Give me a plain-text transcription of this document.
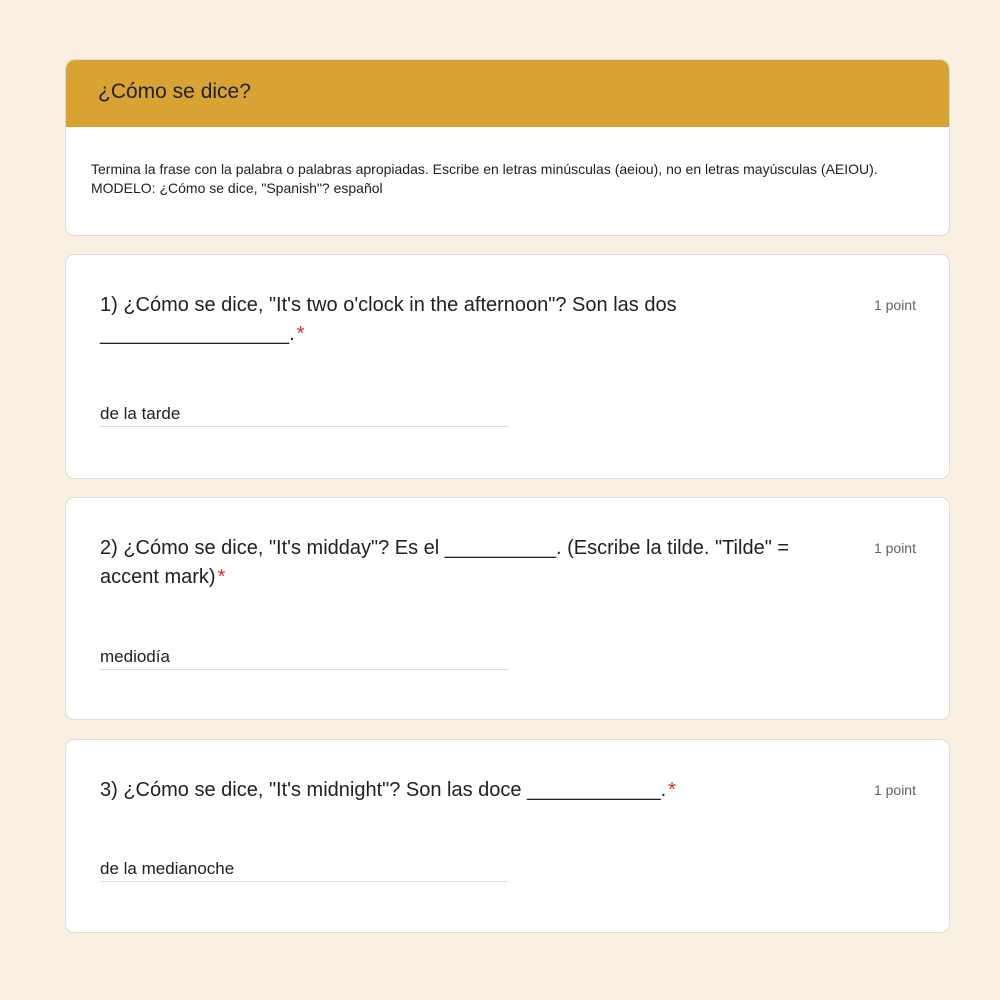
¿Cómo se dice?
Termina la frase con la palabra o palabras apropiadas. Escribe en letras minúsculas (aeiou), no en letras mayúsculas (AEIOU). MODELO: ¿Cómo se dice, "Spanish"? español
1) ¿Cómo se dice, "It's two o'clock in the afternoon"? Son las dos _________________. *
1 point
de la tarde
2) ¿Cómo se dice, "It's midday"? Es el __________. (Escribe la tilde. "Tilde" = accent mark) *
1 point
mediodía
3) ¿Cómo se dice, "It's midnight"? Son las doce ____________. *	1 point
de la medianoche
